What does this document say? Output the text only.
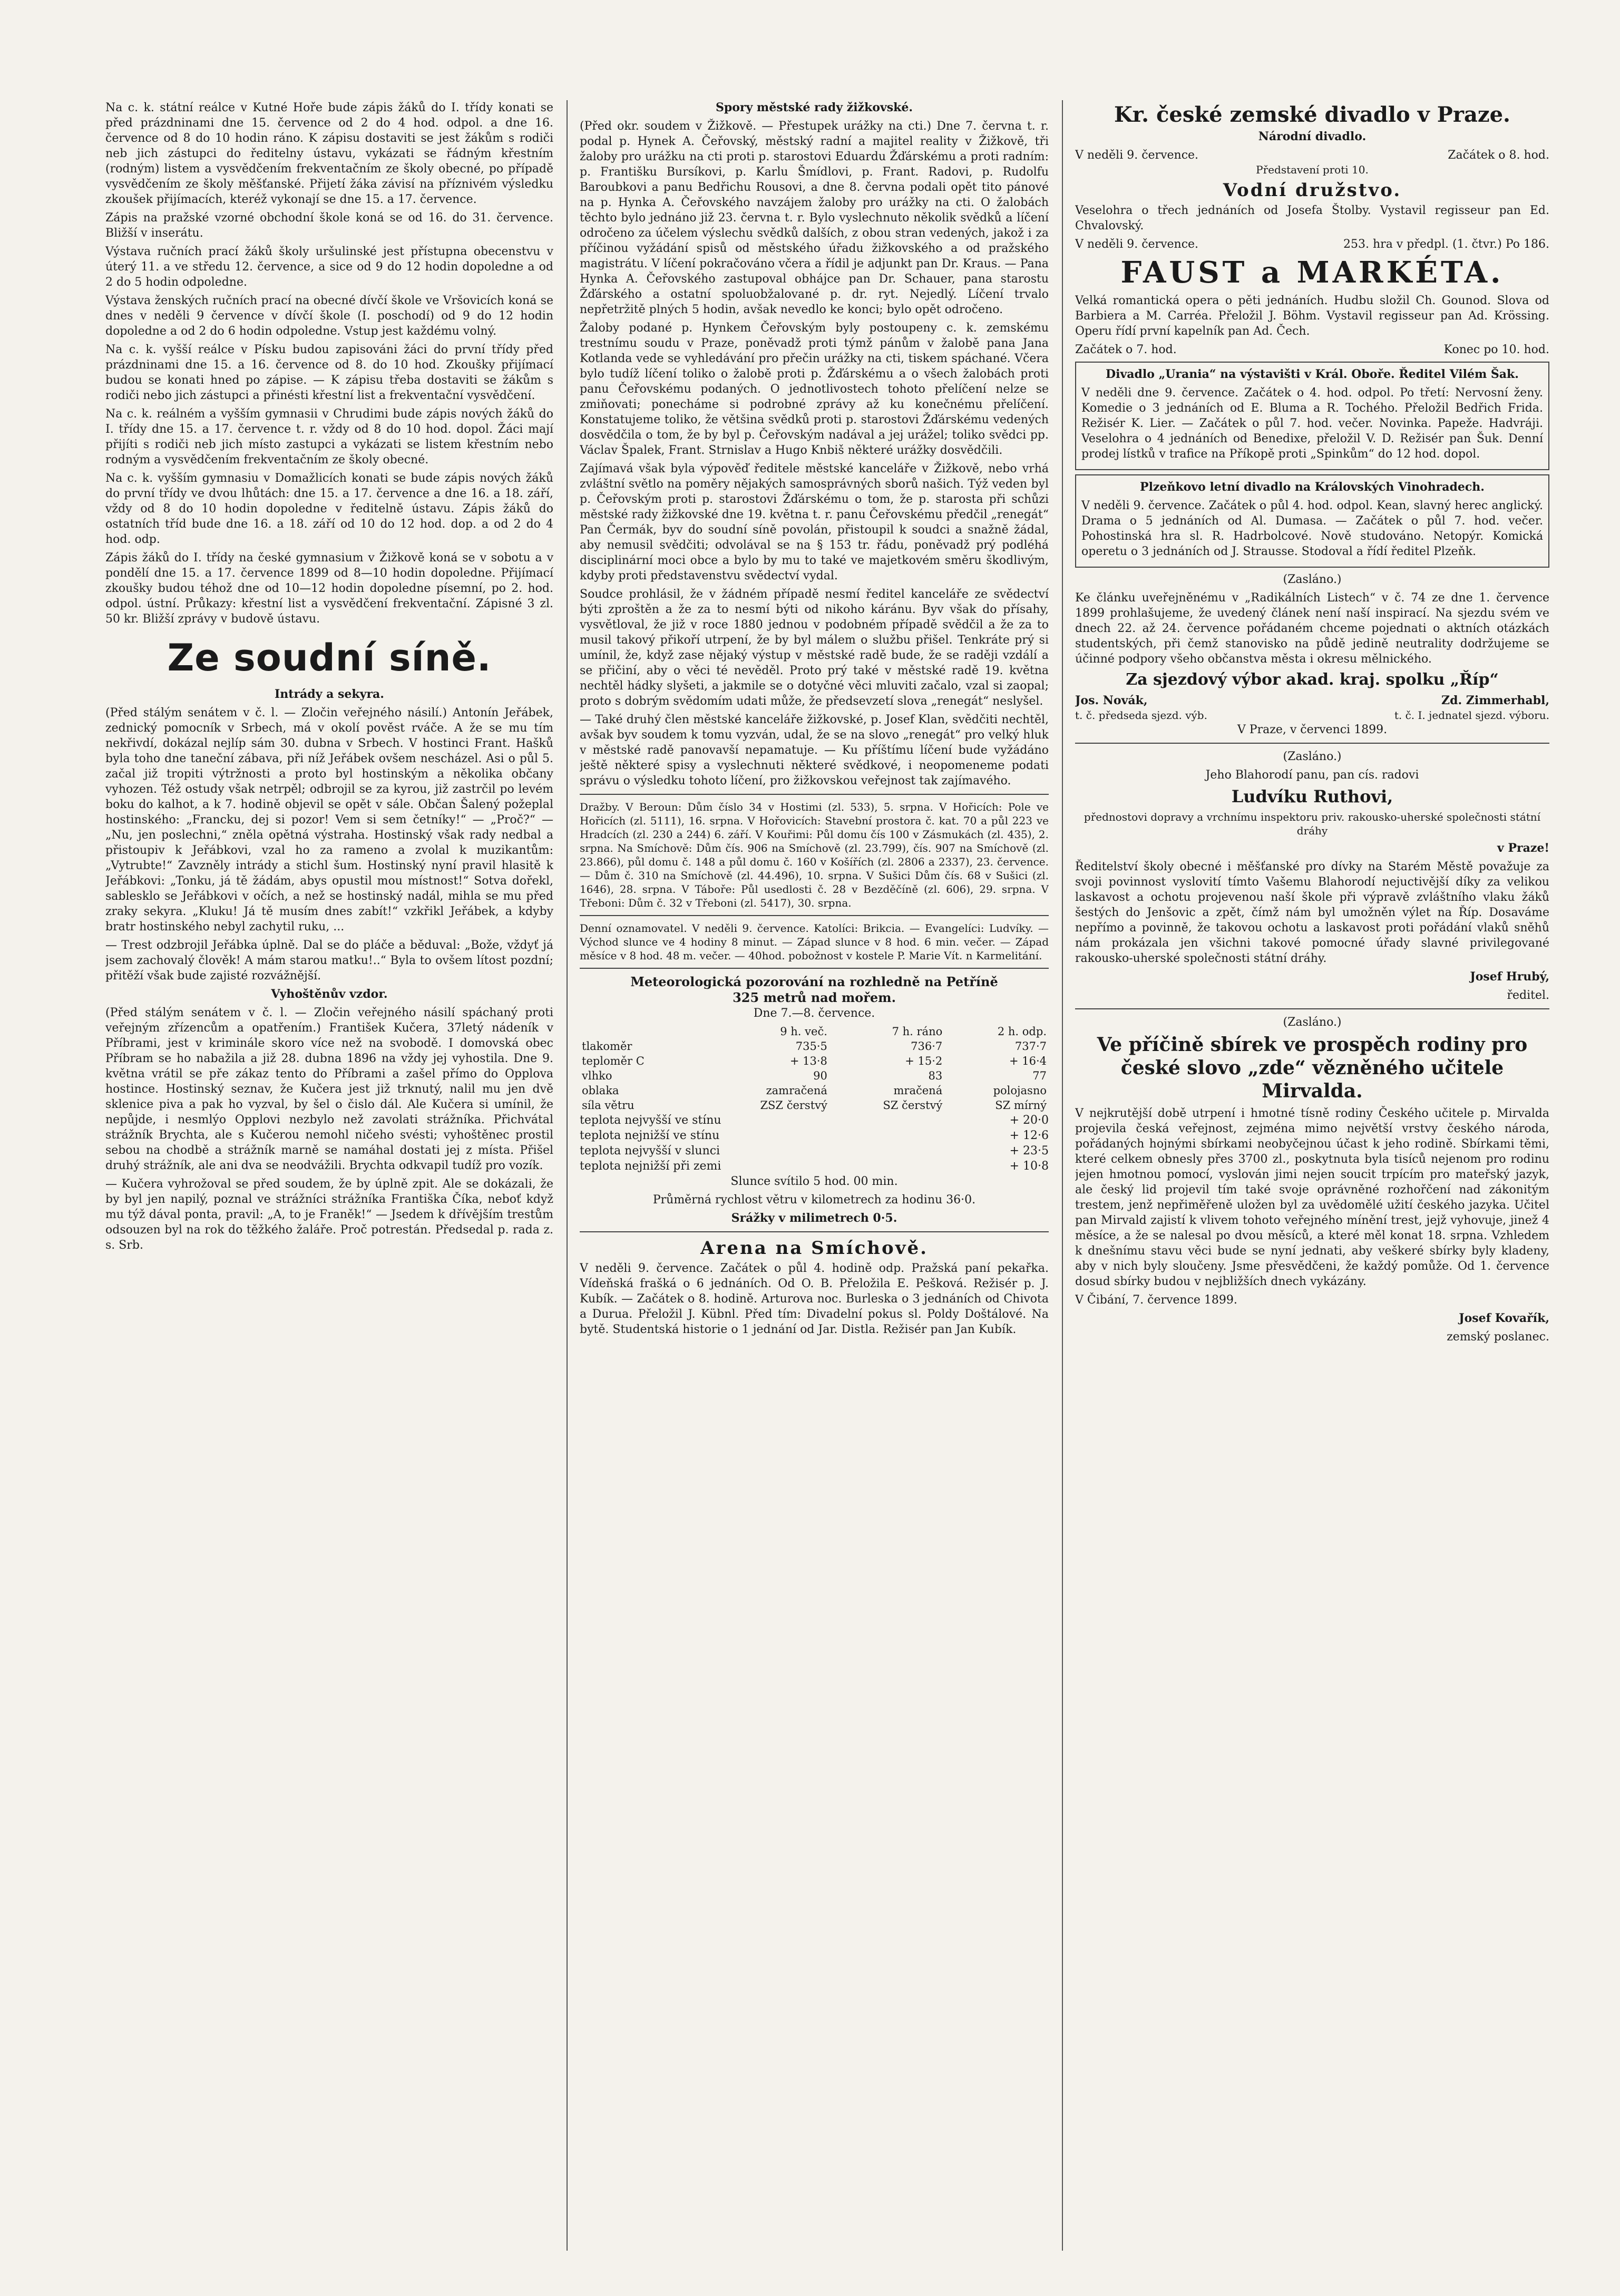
Na c. k. státní reálce v Kutné Hoře bude zápis žáků do I. třídy konati se před prázdninami dne 15. července od 2 do 4 hod. odpol. a dne 16. července od 8 do 10 hodin ráno. K zápisu dostaviti se jest žákům s rodiči neb jich zástupci do ředitelny ústavu, vykázati se řádným křestním (rodným) listem a vysvědčením frekventačním ze školy obecné, po případě vysvědčením ze školy měšťanské. Přijetí žáka závisí na příznivém výsledku zkoušek přijímacích, kteréž vykonají se dne 15. a 17. července.

Zápis na pražské vzorné obchodní škole koná se od 16. do 31. července. Bližší v inserátu.

Výstava ručních prací žáků školy uršulinské jest přístupna obecenstvu v úterý 11. a ve středu 12. července, a sice od 9 do 12 hodin dopoledne a od 2 do 5 hodin odpoledne.

Výstava ženských ručních prací na obecné dívčí škole ve Vršovicích koná se dnes v neděli 9 července v dívčí škole (I. poschodí) od 9 do 12 hodin dopoledne a od 2 do 6 hodin odpoledne. Vstup jest každému volný.

Na c. k. vyšší reálce v Písku budou zapisováni žáci do první třídy před prázdninami dne 15. a 16. července od 8. do 10 hod. Zkoušky přijímací budou se konati hned po zápise. — K zápisu třeba dostaviti se žákům s rodiči nebo jich zástupci a přinésti křestní list a frekventační vysvědčení.

Na c. k. reálném a vyšším gymnasii v Chrudimi bude zápis nových žáků do I. třídy dne 15. a 17. července t. r. vždy od 8 do 10 hod. dopol. Žáci mají přijíti s rodiči neb jich místo zastupci a vykázati se listem křestním nebo rodným a vysvědčením frekventačním ze školy obecné.

Na c. k. vyšším gymnasiu v Domažlicích konati se bude zápis nových žáků do první třídy ve dvou lhůtách: dne 15. a 17. července a dne 16. a 18. září, vždy od 8 do 10 hodin dopoledne v ředitelně ústavu. Zápis žáků do ostatních tříd bude dne 16. a 18. září od 10 do 12 hod. dop. a od 2 do 4 hod. odp.

Zápis žáků do I. třídy na české gymnasium v Žižkově koná se v sobotu a v pondělí dne 15. a 17. července 1899 od 8—10 hodin dopoledne. Přijímací zkoušky budou téhož dne od 10—12 hodin dopoledne písemní, po 2. hod. odpol. ústní. Průkazy: křestní list a vysvědčení frekventační. Zápisné 3 zl. 50 kr. Bližší zprávy v budově ústavu.

Ze soudní síně.

Intrády a sekyra.

(Před stálým senátem v č. l. — Zločin veřejného násilí.) Antonín Jeřábek, zednický pomocník v Srbech, má v okolí pověst rváče. A že se mu tím nekřivdí, dokázal nejlíp sám 30. dubna v Srbech. V hostinci Frant. Hašků byla toho dne taneční zábava, při níž Jeřábek ovšem nescházel. Asi o půl 5. začal již tropiti výtržnosti a proto byl hostinským a několika občany vyhozen. Též ostudy však netrpěl; odbrojil se za kyrou, již zastrčil po levém boku do kalhot, a k 7. hodině objevil se opět v sále. Občan Šalený požeplal hostinského: „Francku, dej si pozor! Vem si sem četníky!“ — „Proč?“ — „Nu, jen poslechni,“ zněla opětná výstraha. Hostinský však rady nedbal a přistoupiv k Jeřábkovi, vzal ho za rameno a zvolal k muzikantům: „Vytrubte!“ Zavzněly intrády a stichl šum. Hostinský nyní pravil hlasitě k Jeřábkovi: „Tonku, já tě žádám, abys opustil mou místnost!“ Sotva dořekl, sablesklo se Jeřábkovi v očích, a než se hostinský nadál, mihla se mu před zraky sekyra. „Kluku! Já tě musím dnes zabít!“ vzkřikl Jeřábek, a kdyby bratr hostinského nebyl zachytil ruku, ...

— Trest odzbrojil Jeřábka úplně. Dal se do pláče a běduval: „Bože, vždyť já jsem zachovalý člověk! A mám starou matku!..“ Byla to ovšem lítost pozdní; přitěží však bude zajisté rozvážnější.

Vyhoštěnův vzdor.

(Před stálým senátem v č. l. — Zločin veřejného násilí spáchaný proti veřejným zřízencům a opatřením.) František Kučera, 37letý nádeník v Příbrami, jest v kriminále skoro více než na svobodě. I domovská obec Příbram se ho nabažila a již 28. dubna 1896 na vždy jej vyhostila. Dne 9. května vrátil se pře zákaz tento do Příbrami a zašel přímo do Opplova hostince. Hostinský seznav, že Kučera jest již trknutý, nalil mu jen dvě sklenice piva a pak ho vyzval, by šel o čislo dál. Ale Kučera si umínil, že nepůjde, i nesmlýo Opplovi nezbylo než zavolati strážníka. Přichvátal strážník Brychta, ale s Kučerou nemohl ničeho svésti; vyhoštěnec prostil sebou na chodbě a strážník marně se namáhal dostati jej z místa. Přišel druhý strážník, ale ani dva se neodvážili. Brychta odkvapil tudíž pro vozík.

— Kučera vyhrožoval se před soudem, že by úplně zpit. Ale se dokázali, že by byl jen napilý, poznal ve strážníci strážníka Františka Číka, neboť když mu týž dával ponta, pravil: „A, to je Franěk!“ — Jsedem k dřívějším trestům odsouzen byl na rok do těžkého žaláře. Proč potrestán. Předsedal p. rada z. s. Srb.

Spory městské rady žižkovské.

(Před okr. soudem v Žižkově. — Přestupek urážky na cti.) Dne 7. června t. r. podal p. Hynek A. Čeřovský, městský radní a majitel reality v Žižkově, tři žaloby pro urážku na cti proti p. starostovi Eduardu Žďárskému a proti radním: p. Františku Bursíkovi, p. Karlu Šmídlovi, p. Frant. Radovi, p. Rudolfu Baroubkovi a panu Bedřichu Rousovi, a dne 8. června podali opět tito pánové na p. Hynka A. Čeřovského navzájem žaloby pro urážky na cti. O žalobách těchto bylo jednáno již 23. června t. r. Bylo vyslechnuto několik svědků a líčení odročeno za účelem výslechu svědků dalších, z obou stran vedených, jakož i za příčinou vyžádání spisů od městského úřadu žižkovského a od pražského magistrátu. V líčení pokračováno včera a řídil je adjunkt pan Dr. Kraus. — Pana Hynka A. Čeřovského zastupoval obhájce pan Dr. Schauer, pana starostu Žďárského a ostatní spoluobžalované p. dr. ryt. Nejedlý. Líčení trvalo nepřetržitě plných 5 hodin, avšak nevedlo ke konci; bylo opět odročeno.

Žaloby podané p. Hynkem Čeřovským byly postoupeny c. k. zemskému trestnímu soudu v Praze, poněvadž proti týmž pánům v žalobě pana Jana Kotlanda vede se vyhledávání pro přečin urážky na cti, tiskem spáchané. Včera bylo tudíž líčení toliko o žalobě proti p. Žďárskému a o všech žalobách proti panu Čeřovskému podaných. O jednotlivostech tohoto přelíčení nelze se zmiňovati; ponecháme si podrobné zprávy až ku konečnému přelíčení. Konstatujeme toliko, že většina svědků proti p. starostovi Žďárskému vedených dosvědčila o tom, že by byl p. Čeřovským nadával a jej urážel; toliko svědci pp. Václav Špalek, Frant. Strnislav a Hugo Knbiš některé urážky dosvědčili.

Zajímavá však byla výpověď ředitele městské kanceláře v Žižkově, nebo vrhá zvláštní světlo na poměry nějakých samosprávných sborů našich. Týž veden byl p. Čeřovským proti p. starostovi Žďárskému o tom, že p. starosta při schůzi městské rady žižkovské dne 19. května t. r. panu Čeřovskému předčil „renegát“ Pan Čermák, byv do soudní síně povolán, přistoupil k soudci a snažně žádal, aby nemusil svědčiti; odvolával se na § 153 tr. řádu, poněvadž prý podléhá disciplinární moci obce a bylo by mu to také ve majetkovém směru škodlivým, kdyby proti představenstvu svědectví vydal.

Soudce prohlásil, že v žádném případě nesmí ředitel kanceláře ze svědectví býti zproštěn a že za to nesmí býti od nikoho káránu. Byv však do přísahy, vysvětloval, že již v roce 1880 jednou v podobném případě svědčil a že za to musil takový přikoří utrpení, že by byl málem o službu přišel. Tenkráte prý si umínil, že, když zase nějaký výstup v městské radě bude, že se raději vzdálí a se přičiní, aby o věci té nevěděl. Proto prý také v městské radě 19. května nechtěl hádky slyšeti, a jakmile se o dotyčné věci mluviti začalo, vzal si zaopal; proto s dobrým svědomím udati může, že předsevzetí slova „renegát“ neslyšel.

— Také druhý člen městské kanceláře žižkovské, p. Josef Klan, svědčiti nechtěl, avšak byv soudem k tomu vyzván, udal, že se na slovo „renegát“ pro velký hluk v městské radě panovavší nepamatuje. — Ku příštímu líčení bude vyžádáno ještě některé spisy a vyslechnuti některé svědkové, i neopomeneme podati správu o výsledku tohoto líčení, pro žižkovskou veřejnost tak zajímavého.

Dražby. V Beroun: Dům číslo 34 v Hostimi (zl. 533), 5. srpna. V Hořicích: Pole ve Hořicích (zl. 5111), 16. srpna. V Hořovicích: Stavební prostora č. kat. 70 a půl 223 ve Hradcích (zl. 230 a 244) 6. září. V Kouřimi: Půl domu čís 100 v Zásmukách (zl. 435), 2. srpna. Na Smíchově: Dům čís. 906 na Smíchově (zl. 23.799), čís. 907 na Smíchově (zl. 23.866), půl domu č. 148 a půl domu č. 160 v Košířích (zl. 2806 a 2337), 23. července. — Dům č. 310 na Smíchově (zl. 44.496), 10. srpna. V Sušici Dům čís. 68 v Sušici (zl. 1646), 28. srpna. V Táboře: Půl usedlosti č. 28 v Bezděčíně (zl. 606), 29. srpna. V Třeboni: Dům č. 32 v Třeboni (zl. 5417), 30. srpna.

Denní oznamovatel. V neděli 9. července. Katolíci: Brikcia. — Evangelíci: Ludvíky. — Východ slunce ve 4 hodiny 8 minut. — Západ slunce v 8 hod. 6 min. večer. — Západ měsíce v 8 hod. 48 m. večer. — 40hod. pobožnost v kostele P. Marie Vít. n Karmelitání.

Meteorologická pozorování na rozhledně na Petříně
325 metrů nad mořem.
Dne 7.—8. července.
	9 h. več.	7 h. ráno	2 h. odp.
tlakoměr	735·5	736·7	737·7
teploměr C	+ 13·8	+ 15·2	+ 16·4
vlhko	90	83	77
oblaka	zamračená	mračená	polojasno
síla větru	ZSZ čerstvý	SZ čerstvý	SZ mírný
teplota nejvyšší ve stínu	+ 20·0
teplota nejnižší ve stínu	+ 12·6
teplota nejvyšší v slunci	+ 23·5
teplota nejnižší při zemi	+ 10·8
Slunce svítilo 5 hod. 00 min.
Průměrná rychlost větru v kilometrech za hodinu 36·0.
Srážky v milimetrech 0·5.
Arena na Smíchově.

V neděli 9. července. Začátek o půl 4. hodině odp. Pražská paní pekařka. Vídeňská frašká o 6 jednáních. Od O. B. Přeložila E. Pešková. Režisér p. J. Kubík. — Začátek o 8. hodině. Arturova noc. Burleska o 3 jednáních od Chivota a Durua. Přeložil J. Kübnl. Před tím: Divadelní pokus sl. Poldy Doštálové. Na bytě. Studentská historie o 1 jednání od Jar. Distla. Režisér pan Jan Kubík.

Kr. české zemské divadlo v Praze.
Národní divadlo.
V neděli 9. července.	Začátek o 8. hod.
Představení proti 10.
Vodní družstvo.

Veselohra o třech jednáních od Josefa Štolby. Vystavil regisseur pan Ed. Chvalovský.

V neděli 9. července.	253. hra v předpl. (1. čtvr.) Po 186.
FAUST a MARKÉTA.

Velká romantická opera o pěti jednáních. Hudbu složil Ch. Gounod. Slova od Barbiera a M. Carréa. Přeložil J. Böhm. Vystavil regisseur pan Ad. Krössing. Operu řídí první kapelník pan Ad. Čech.

Začátek o 7. hod.	Konec po 10. hod.
Divadlo „Urania“ na výstavišti v Král. Oboře. Ředitel Vilém Šak.

V neděli dne 9. července. Začátek o 4. hod. odpol. Po třetí: Nervosní ženy. Komedie o 3 jednáních od E. Bluma a R. Tochého. Přeložil Bedřich Frida. Režisér K. Lier. — Začátek o půl 7. hod. večer. Novinka. Papeže. Hadvráji. Veselohra o 4 jednáních od Benedixe, přeložil V. D. Režisér pan Šuk. Denní prodej lístků v trafice na Příkopě proti „Spinkům“ do 12 hod. dopol.

Plzeňkovo letní divadlo na Královských Vinohradech.

V neděli 9. července. Začátek o půl 4. hod. odpol. Kean, slavný herec anglický. Drama o 5 jednáních od Al. Dumasa. — Začátek o půl 7. hod. večer. Pohostinská hra sl. R. Hadrbolcové. Nově studováno. Netopýr. Komická operetu o 3 jednáních od J. Strausse. Stodoval a řídí ředitel Plzeňk.

(Zasláno.)

Ke článku uveřejněnému v „Radikálních Listech“ v č. 74 ze dne 1. července 1899 prohlašujeme, že uvedený článek není naší inspirací. Na sjezdu svém ve dnech 22. až 24. července pořádaném chceme pojednati o aktních otázkách studentských, při čemž stanovisko na půdě jedině neutrality dodržujeme se účinné podpory všeho občanstva města i okresu mělnického.

Za sjezdový výbor akad. kraj. spolku „Říp“
Jos. Novák,	Zd. Zimmerhabl,
t. č. předseda sjezd. výb.	t. č. I. jednatel sjezd. výboru.
V Praze, v červenci 1899.
(Zasláno.)
Jeho Blahorodí panu, pan cís. radovi
Ludvíku Ruthovi,
přednostovi dopravy a vrchnímu inspektoru priv. rakousko-uherské společnosti státní dráhy
v Praze!

Ředitelství školy obecné i měšťanské pro dívky na Starém Městě považuje za svoji povinnost vyslovití tímto Vašemu Blahorodí nejuctivější díky za velikou laskavost a ochotu projevenou naší škole při výpravě zvláštního vlaku žáků šestých do Jenšovic a zpět, čímž nám byl umožněn výlet na Říp. Dosaváme nepřímo a povinně, že takovou ochotu a laskavost proti pořádání vlaků sněhů nám prokázala jen všichni takové pomocné úřady slavné privilegované rakousko-uherské společnosti státní dráhy.

Josef Hrubý,
ředitel.
(Zasláno.)
Ve příčině sbírek ve prospěch rodiny pro české slovo „zde“ vězněného učitele Mirvalda.

V nejkrutější době utrpení i hmotné tísně rodiny Českého učitele p. Mirvalda projevila česká veřejnost, zejména mimo největší vrstvy českého národa, pořádaných hojnými sbírkami neobyčejnou účast k jeho rodině. Sbírkami těmi, které celkem obnesly přes 3700 zl., poskytnuta byla tisíců nejenom pro rodinu jejen hmotnou pomocí, vyslován jimi nejen soucit trpícím pro mateřský jazyk, ale český lid projevil tím také svoje oprávněné rozhořčení nad zákonitým trestem, jenž nepřiměřeně uložen byl za uvědomělé užití českého jazyka. Učitel pan Mirvald zajistí k vlivem tohoto veřejného mínění trest, jejž vyhovuje, jinež 4 měsíce, a že se nalesal po dvou měsíců, a které měl konat 18. srpna. Vzhledem k dnešnímu stavu věci bude se nyní jednati, aby veškeré sbírky byly kladeny, aby v nich byly sloučeny. Jsme přesvědčeni, že každý pomůže. Od 1. července dosud sbírky budou v nejbližších dnech vykázány.

V Čibání, 7. července 1899.
Josef Kovařík,
zemský poslanec.
